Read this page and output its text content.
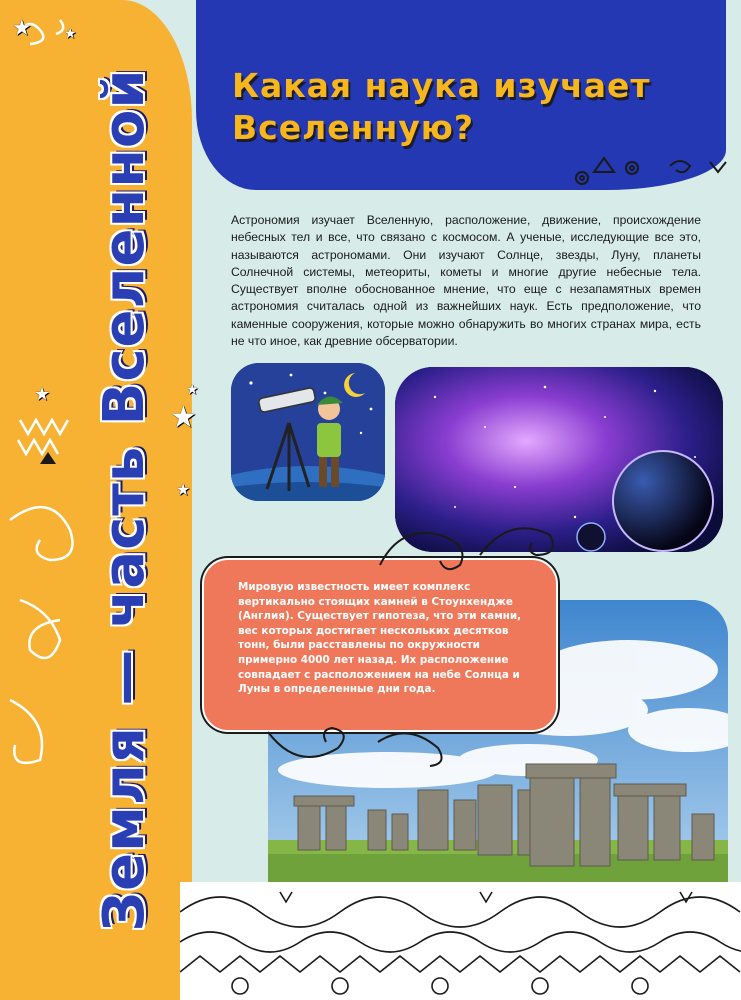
Земля — часть Вселенной
★ ★
★
★
★
★
Какая наука изучает
Вселенную?

Астрономия изучает Вселенную, расположение, движение, происхождение небесных тел и все, что связано с космосом. А ученые, исследующие все это, называются астрономами. Они изучают Солнце, звезды, Луну, планеты Солнечной системы, метеориты, кометы и многие другие небесные тела. Существует вполне обоснованное мнение, что еще с незапамятных времен астрономия считалась одной из важнейших наук. Есть предположение, что каменные сооружения, которые можно обнаружить во многих странах мира, есть не что иное, как древние обсерватории.

Мировую известность имеет комплекс вертикально стоящих камней в Стоунхендже (Англия). Существует гипотеза, что эти камни, вес которых достигает нескольких десятков тонн, были расставлены по окружности примерно 4000 лет назад. Их расположение совпадает с расположением на небе Солнца и Луны в определенные дни года.
